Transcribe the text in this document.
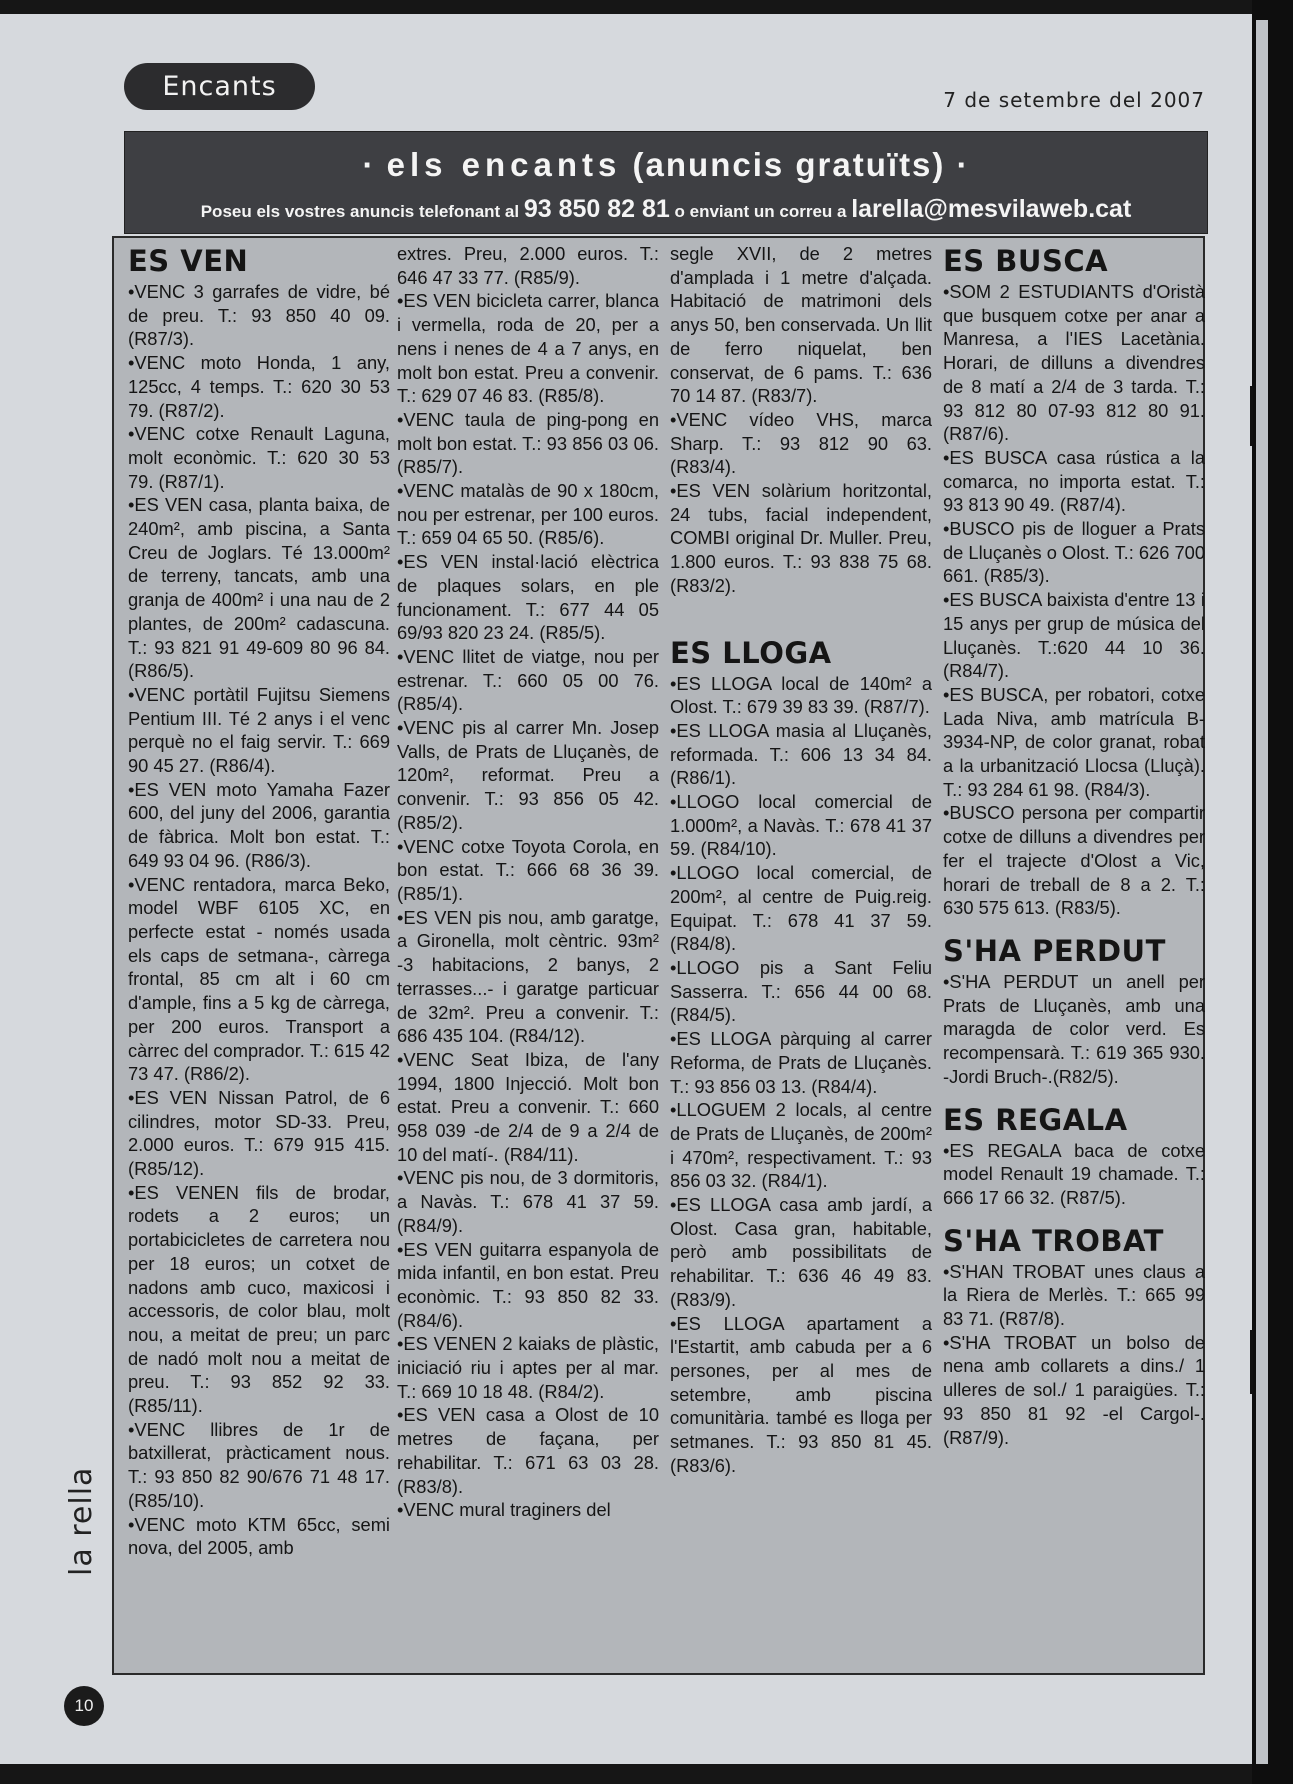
Encants	7 de setembre del 2007
· els encants (anuncis gratuïts) ·
Poseu els vostres anuncis telefonant al 93 850 82 81 o enviant un correu a larella@mesvilaweb.cat
ES VEN

• VENC 3 garrafes de vidre, bé de preu. T.: 93 850 40 09. (R87/3).

• VENC moto Honda, 1 any, 125cc, 4 temps. T.: 620 30 53 79. (R87/2).

• VENC cotxe Renault Laguna, molt econòmic. T.: 620 30 53 79. (R87/1).

• ES VEN casa, planta baixa, de 240m², amb piscina, a Santa Creu de Joglars. Té 13.000m² de terreny, tancats, amb una granja de 400m² i una nau de 2 plantes, de 200m² cadascuna. T.: 93 821 91 49-609 80 96 84. (R86/5).

• VENC portàtil Fujitsu Siemens Pentium III. Té 2 anys i el venc perquè no el faig servir. T.: 669 90 45 27. (R86/4).

• ES VEN moto Yamaha Fazer 600, del juny del 2006, garantia de fàbrica. Molt bon estat. T.: 649 93 04 96. (R86/3).

• VENC rentadora, marca Beko, model WBF 6105 XC, en perfecte estat - només usada els caps de setmana-, càrrega frontal, 85 cm alt i 60 cm d'ample, fins a 5 kg de càrrega, per 200 euros. Transport a càrrec del comprador. T.: 615 42 73 47. (R86/2).

• ES VEN Nissan Patrol, de 6 cilindres, motor SD-33. Preu, 2.000 euros. T.: 679 915 415. (R85/12).

• ES VENEN fils de brodar, rodets a 2 euros; un portabicicletes de carretera nou per 18 euros; un cotxet de nadons amb cuco, maxicosi i accessoris, de color blau, molt nou, a meitat de preu; un parc de nadó molt nou a meitat de preu. T.: 93 852 92 33. (R85/11).

• VENC llibres de 1r de batxillerat, pràcticament nous. T.: 93 850 82 90/676 71 48 17. (R85/10).

• VENC moto KTM 65cc, semi nova, del 2005, amb

extres. Preu, 2.000 euros. T.: 646 47 33 77. (R85/9).

• ES VEN bicicleta carrer, blanca i vermella, roda de 20, per a nens i nenes de 4 a 7 anys, en molt bon estat. Preu a convenir. T.: 629 07 46 83. (R85/8).

• VENC taula de ping-pong en molt bon estat. T.: 93 856 03 06. (R85/7).

• VENC matalàs de 90 x 180cm, nou per estrenar, per 100 euros. T.: 659 04 65 50. (R85/6).

• ES VEN instal·lació elèctrica de plaques solars, en ple funcionament. T.: 677 44 05 69/93 820 23 24. (R85/5).

• VENC llitet de viatge, nou per estrenar. T.: 660 05 00 76. (R85/4).

• VENC pis al carrer Mn. Josep Valls, de Prats de Lluçanès, de 120m², reformat. Preu a convenir. T.: 93 856 05 42. (R85/2).

• VENC cotxe Toyota Corola, en bon estat. T.: 666 68 36 39. (R85/1).

• ES VEN pis nou, amb garatge, a Gironella, molt cèntric. 93m² -3 habitacions, 2 banys, 2 terrasses...- i garatge particuar de 32m². Preu a convenir. T.: 686 435 104. (R84/12).

• VENC Seat Ibiza, de l'any 1994, 1800 Injecció. Molt bon estat. Preu a convenir. T.: 660 958 039 -de 2/4 de 9 a 2/4 de 10 del matí-. (R84/11).

• VENC pis nou, de 3 dormitoris, a Navàs. T.: 678 41 37 59. (R84/9).

• ES VEN guitarra espanyola de mida infantil, en bon estat. Preu econòmic. T.: 93 850 82 33. (R84/6).

• ES VENEN 2 kaiaks de plàstic, iniciació riu i aptes per al mar. T.: 669 10 18 48. (R84/2).

• ES VEN casa a Olost de 10 metres de façana, per rehabilitar. T.: 671 63 03 28. (R83/8).

• VENC mural traginers del

segle XVII, de 2 metres d'amplada i 1 metre d'alçada. Habitació de matrimoni dels anys 50, ben conservada. Un llit de ferro niquelat, ben conservat, de 6 pams. T.: 636 70 14 87. (R83/7).

• VENC vídeo VHS, marca Sharp. T.: 93 812 90 63. (R83/4).

• ES VEN solàrium horitzontal, 24 tubs, facial independent, COMBI original Dr. Muller. Preu, 1.800 euros. T.: 93 838 75 68. (R83/2).

ES LLOGA

• ES LLOGA local de 140m² a Olost. T.: 679 39 83 39. (R87/7).

• ES LLOGA masia al Lluçanès, reformada. T.: 606 13 34 84. (R86/1).

• LLOGO local comercial de 1.000m², a Navàs. T.: 678 41 37 59. (R84/10).

• LLOGO local comercial, de 200m², al centre de Puig.reig. Equipat. T.: 678 41 37 59. (R84/8).

• LLOGO pis a Sant Feliu Sasserra. T.: 656 44 00 68. (R84/5).

• ES LLOGA pàrquing al carrer Reforma, de Prats de Lluçanès. T.: 93 856 03 13. (R84/4).

• LLOGUEM 2 locals, al centre de Prats de Lluçanès, de 200m² i 470m², respectivament. T.: 93 856 03 32. (R84/1).

• ES LLOGA casa amb jardí, a Olost. Casa gran, habitable, però amb possibilitats de rehabilitar. T.: 636 46 49 83. (R83/9).

• ES LLOGA apartament a l'Estartit, amb cabuda per a 6 persones, per al mes de setembre, amb piscina comunitària. també es lloga per setmanes. T.: 93 850 81 45. (R83/6).

ES BUSCA

• SOM 2 ESTUDIANTS d'Oristà que busquem cotxe per anar a Manresa, a l'IES Lacetània. Horari, de dilluns a divendres de 8 matí a 2/4 de 3 tarda. T.: 93 812 80 07-93 812 80 91. (R87/6).

• ES BUSCA casa rústica a la comarca, no importa estat. T.: 93 813 90 49. (R87/4).

• BUSCO pis de lloguer a Prats de Lluçanès o Olost. T.: 626 700 661. (R85/3).

• ES BUSCA baixista d'entre 13 i 15 anys per grup de música del Lluçanès. T.:620 44 10 36. (R84/7).

• ES BUSCA, per robatori, cotxe Lada Niva, amb matrícula B-3934-NP, de color granat, robat a la urbanització Llocsa (Lluçà). T.: 93 284 61 98. (R84/3).

• BUSCO persona per compartir cotxe de dilluns a divendres per fer el trajecte d'Olost a Vic, horari de treball de 8 a 2. T.: 630 575 613. (R83/5).

S'HA PERDUT

• S'HA PERDUT un anell per Prats de Lluçanès, amb una maragda de color verd. Es recompensarà. T.: 619 365 930. -Jordi Bruch-.(R82/5).

ES REGALA

• ES REGALA baca de cotxe model Renault 19 chamade. T.: 666 17 66 32. (R87/5).

S'HA TROBAT

• S'HAN TROBAT unes claus a la Riera de Merlès. T.: 665 99 83 71. (R87/8).

• S'HA TROBAT un bolso de nena amb collarets a dins./ 1 ulleres de sol./ 1 paraigües. T.: 93 850 81 92 -el Cargol-.(R87/9).

10
